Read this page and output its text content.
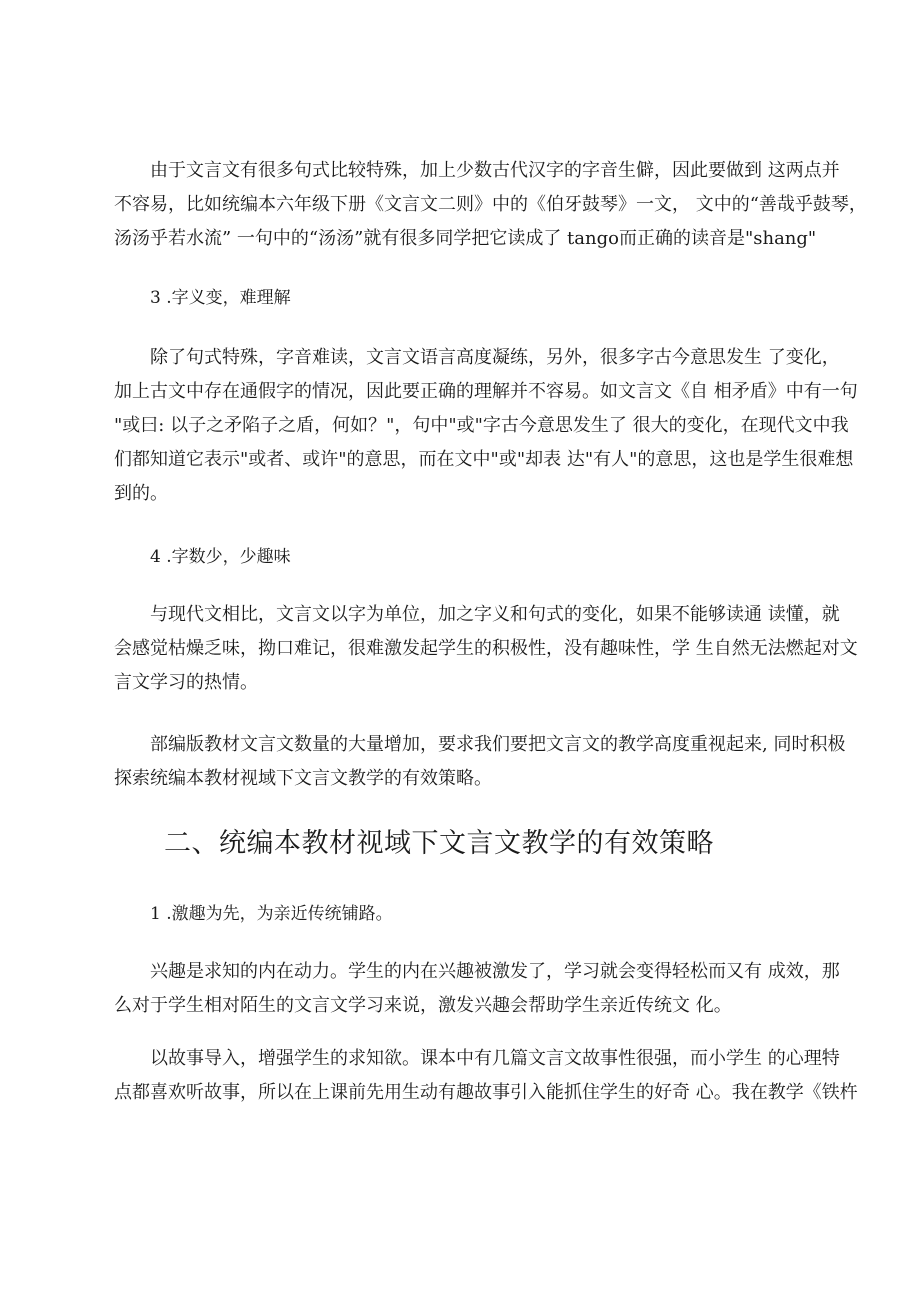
由于文言文有很多句式比较特殊，加上少数古代汉字的字音生僻，因此要做到 这两点并
不容易，比如统编本六年级下册《文言文二则》中的《伯牙鼓琴》一文， 文中的“善哉乎鼓琴，
汤汤乎若水流” 一句中的“汤汤”就有很多同学把它读成了 tango而正确的读音是"shang"
3 .字义变，难理解
除了句式特殊，字音难读，文言文语言高度凝练，另外，很多字古今意思发生 了变化，
加上古文中存在通假字的情况，因此要正确的理解并不容易。如文言文《自 相矛盾》中有一句
"或曰: 以子之矛陷子之盾，何如？"，句中"或"字古今意思发生了 很大的变化，在现代文中我
们都知道它表示"或者、或许"的意思，而在文中"或"却表 达"有人"的意思，这也是学生很难想
到的。
4 .字数少，少趣味
与现代文相比，文言文以字为单位，加之字义和句式的变化，如果不能够读通 读懂，就
会感觉枯燥乏味，拗口难记，很难激发起学生的积极性，没有趣味性，学 生自然无法燃起对文
言文学习的热情。
部编版教材文言文数量的大量增加，要求我们要把文言文的教学高度重视起来, 同时积极
探索统编本教材视域下文言文教学的有效策略。
二、统编本教材视域下文言文教学的有效策略
1 .激趣为先，为亲近传统铺路。
兴趣是求知的内在动力。学生的内在兴趣被激发了，学习就会变得轻松而又有 成效，那
么对于学生相对陌生的文言文学习来说，激发兴趣会帮助学生亲近传统文 化。
以故事导入，增强学生的求知欲。课本中有几篇文言文故事性很强，而小学生 的心理特
点都喜欢听故事，所以在上课前先用生动有趣故事引入能抓住学生的好奇 心。我在教学《铁杵
